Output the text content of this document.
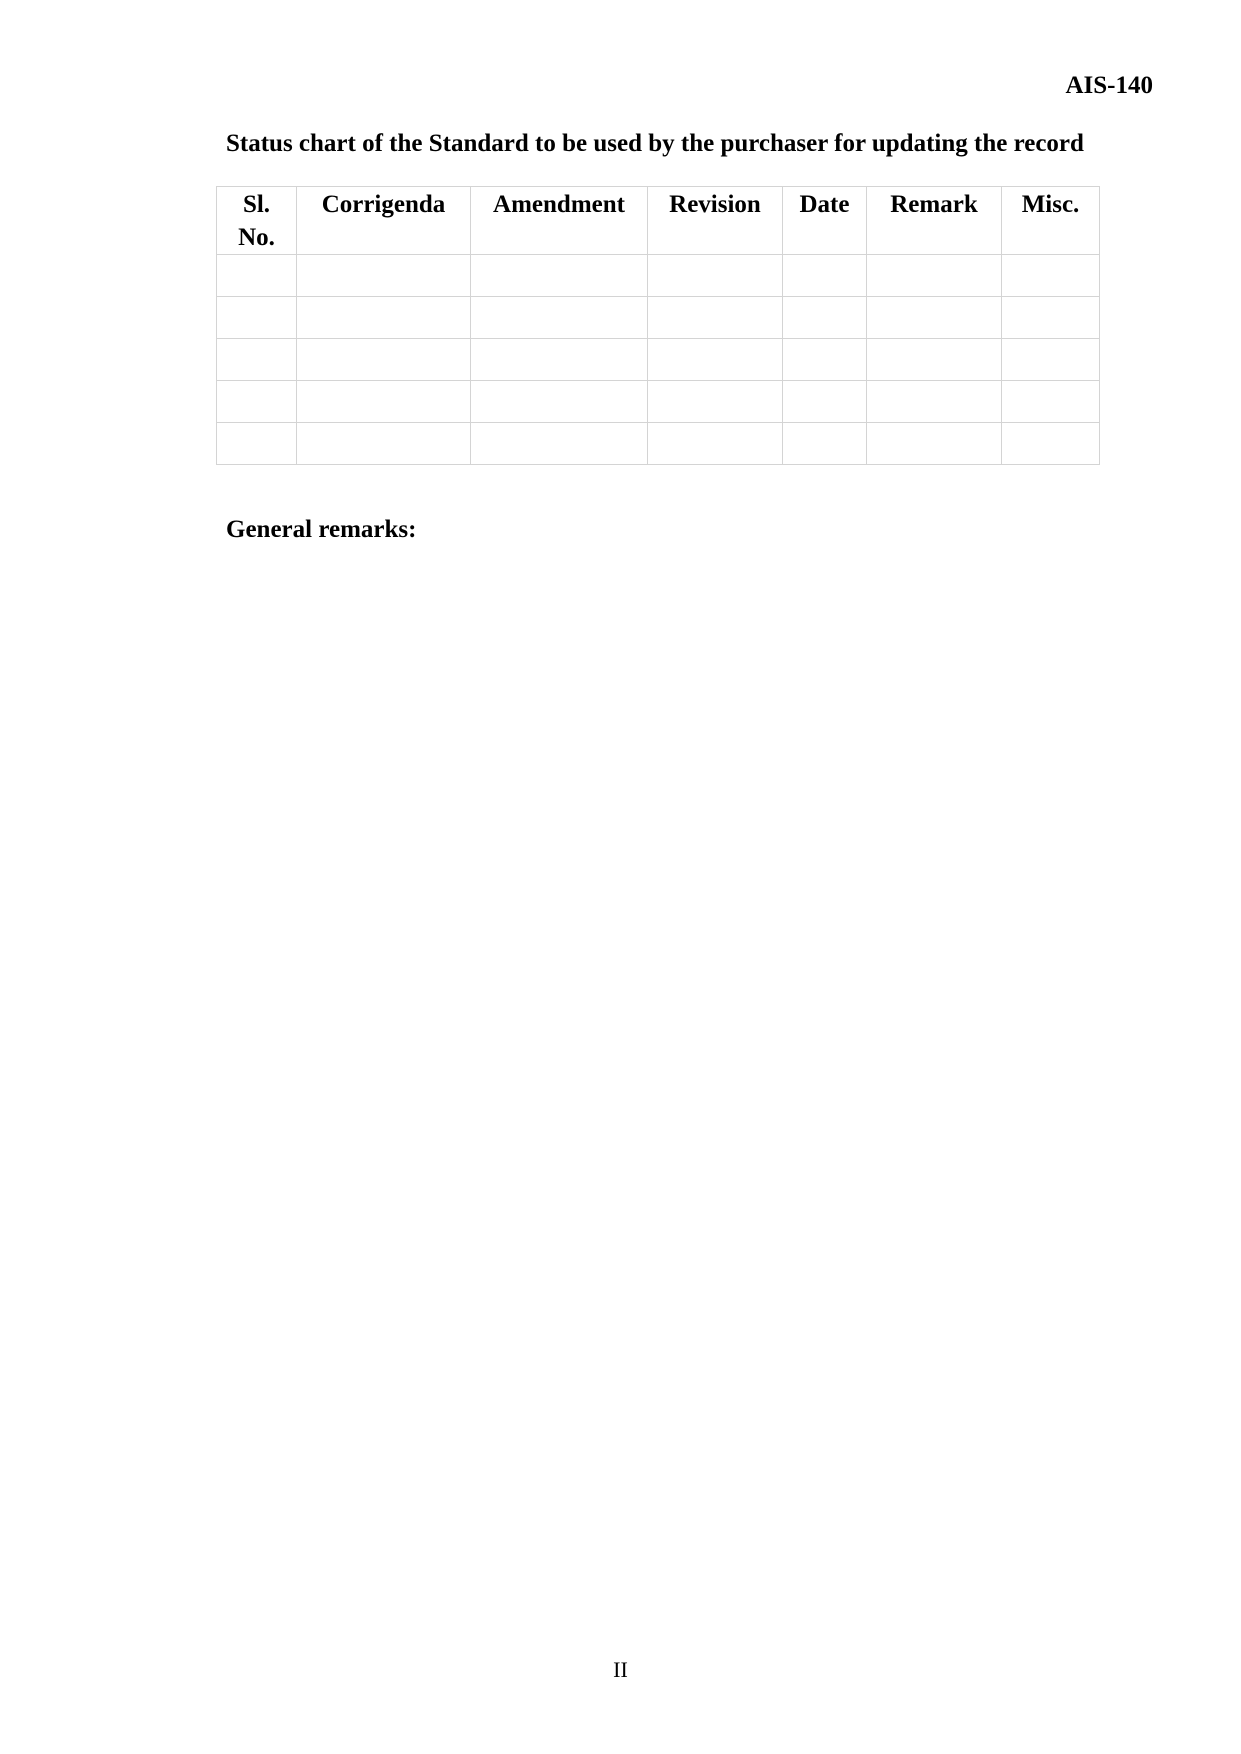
AIS-140
Status chart of the Standard to be used by the purchaser for updating the record
Sl.
No.	Corrigenda	Amendment	Revision	Date	Remark	Misc.

General remarks:
II
